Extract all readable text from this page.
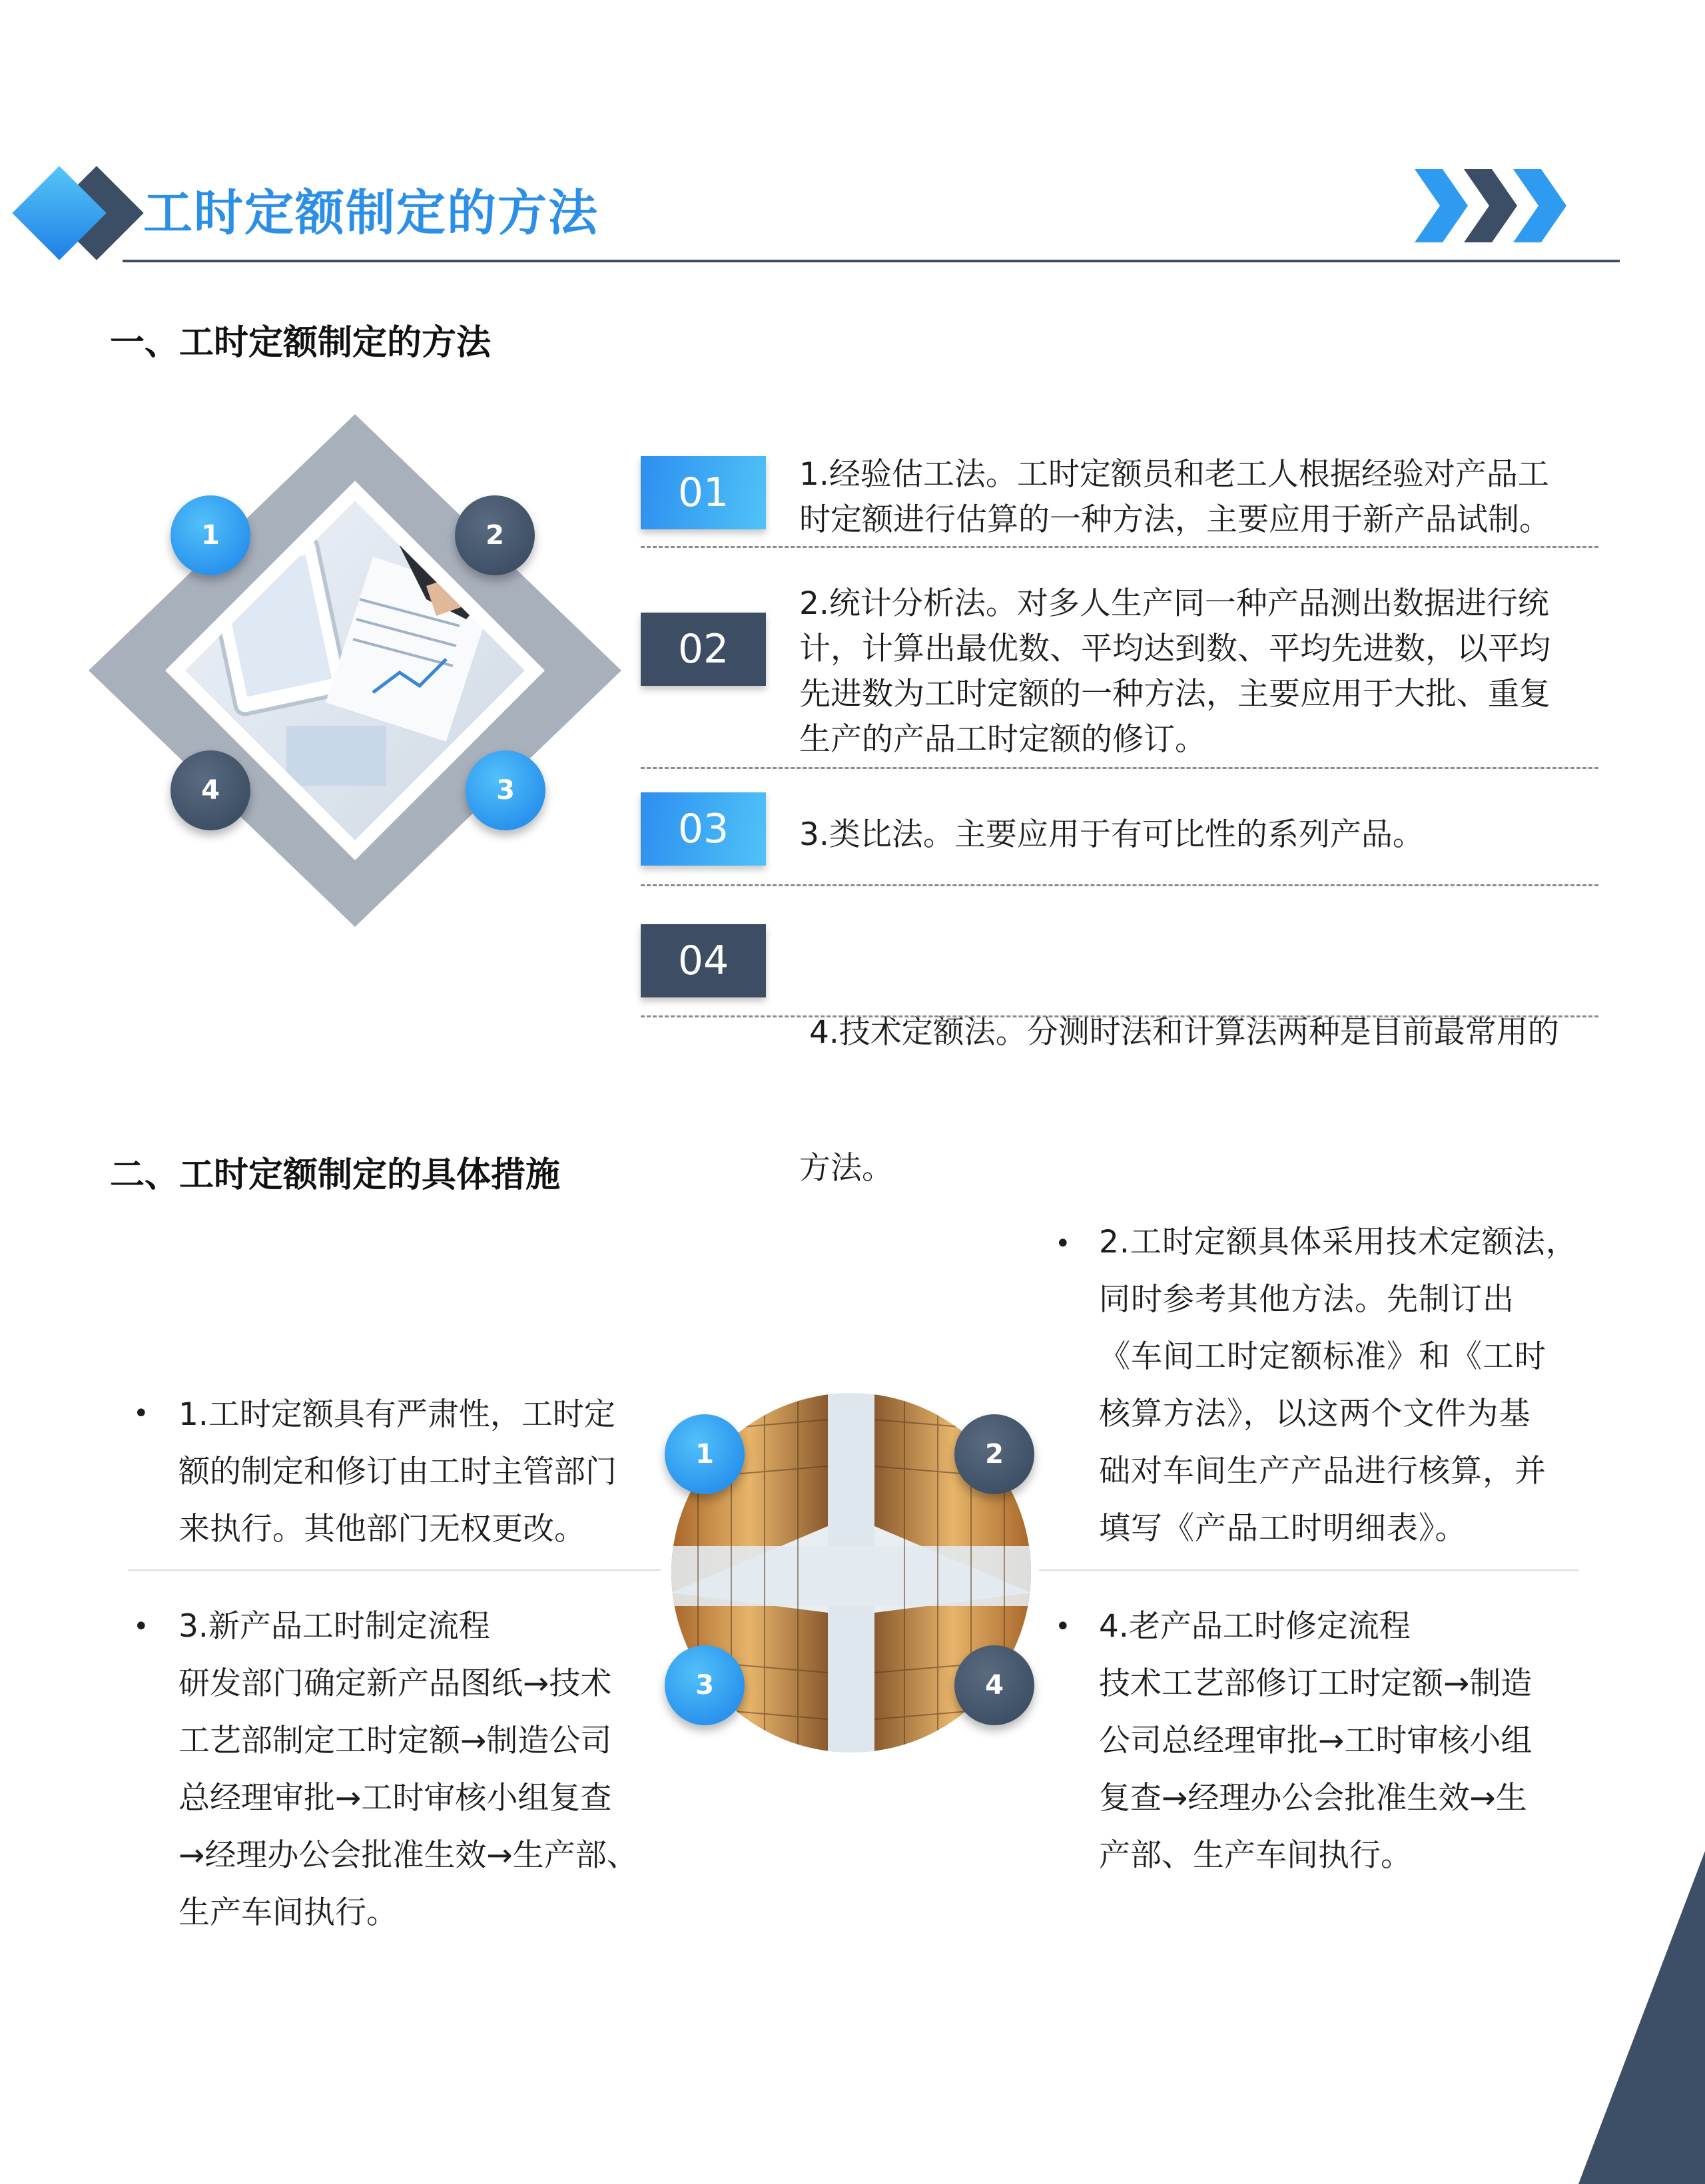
工时定额制定的方法
一、工时定额制定的方法
1	2
3
4
01	1.经验估工法。工时定额员和老工人根据经验对产品工
时定额进行估算的一种方法，主要应用于新产品试制。
02
2.统计分析法。对多人生产同一种产品测出数据进行统
计，计算出最优数、平均达到数、平均先进数，以平均
先进数为工时定额的一种方法，主要应用于大批、重复
生产的产品工时定额的修订。
03	3.类比法。主要应用于有可比性的系列产品。
04

4.技术定额法。分测时法和计算法两种是目前最常用的

方法。

二、工时定额制定的具体措施
1	2
3	4
• 1.工时定额具有严肃性，工时定
额的制定和修订由工时主管部门
来执行。其他部门无权更改。
• 2.工时定额具体采用技术定额法，
同时参考其他方法。先制订出
《车间工时定额标准》和《工时
核算方法》，以这两个文件为基
础对车间生产产品进行核算，并
填写《产品工时明细表》。
• 3.新产品工时制定流程
研发部门确定新产品图纸→技术
工艺部制定工时定额→制造公司
总经理审批→工时审核小组复查
→经理办公会批准生效→生产部、
生产车间执行。
• 4.老产品工时修定流程
技术工艺部修订工时定额→制造
公司总经理审批→工时审核小组
复查→经理办公会批准生效→生
产部、生产车间执行。
